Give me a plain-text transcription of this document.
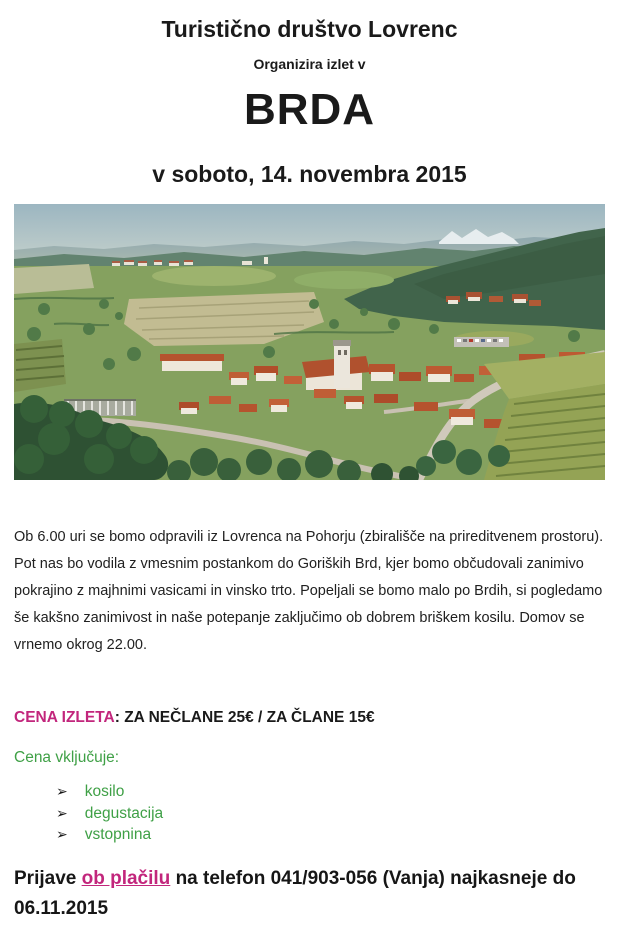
Turistično društvo Lovrenc

Organizira izlet v

BRDA

v soboto, 14. novembra 2015

Ob 6.00 uri se bomo odpravili iz Lovrenca na Pohorju (zbirališče na prireditvenem prostoru). Pot nas bo vodila z vmesnim postankom do Goriških Brd, kjer bomo občudovali zanimivo pokrajino z majhnimi vasicami in vinsko trto. Popeljali se bomo malo po Brdih, si pogledamo še kakšno zanimivost in naše potepanje zaključimo ob dobrem briškem kosilu. Domov se vrnemo okrog 22.00.

CENA IZLETA: ZA NEČLANE 25€ / ZA ČLANE 15€

Cena vključuje:

➢ kosilo
➢ degustacija
➢ vstopnina

Prijave ob plačilu na telefon 041/903-056 (Vanja) najkasneje do 06.11.2015
